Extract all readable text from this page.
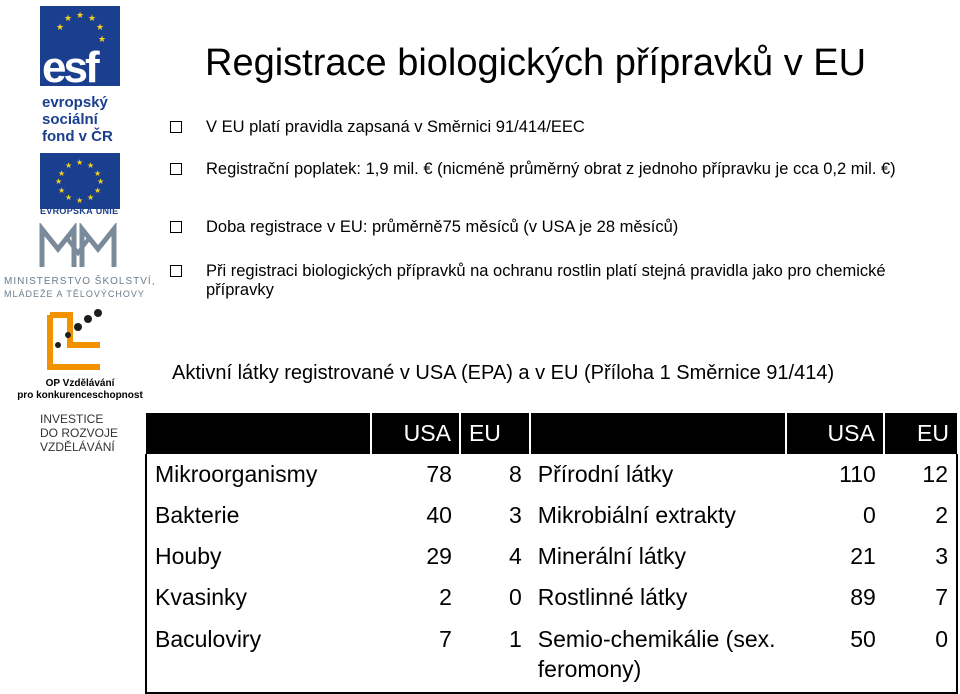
★ ★
★
★
★
★
esf
evropský
sociální
fond v ČR
★ ★
★
★
★
★
★
★
★
★
★
★
EVROPSKÁ UNIE
MINISTERSTVO ŠKOLSTVÍ,
MLÁDEŽE A TĚLOVÝCHOVY
OP Vzdělávání
pro konkurenceschopnost
INVESTICE
DO ROZVOJE
VZDĚLÁVÁNÍ
Registrace biologických přípravků v EU
V EU platí pravidla zapsaná v Směrnici 91/414/EEC
Registrační poplatek: 1,9 mil. € (nicméně průměrný obrat z jednoho přípravku je cca 0,2 mil. €)
Doba registrace v EU: průměrně75 měsíců (v USA je 28 měsíců)
Při registraci biologických přípravků na ochranu rostlin platí stejná pravidla jako pro chemické přípravky
Aktivní látky registrované v USA (EPA) a v EU (Příloha 1 Směrnice 91/414)
	USA	EU		USA	EU
Mikroorganismy	78	8	Přírodní látky	110	12
Bakterie	40	3	Mikrobiální extrakty	0	2
Houby	29	4	Minerální látky	21	3
Kvasinky	2	0	Rostlinné látky	89	7
Baculoviry	7	1	Semio-chemikálie (sex. feromony)	50	0
